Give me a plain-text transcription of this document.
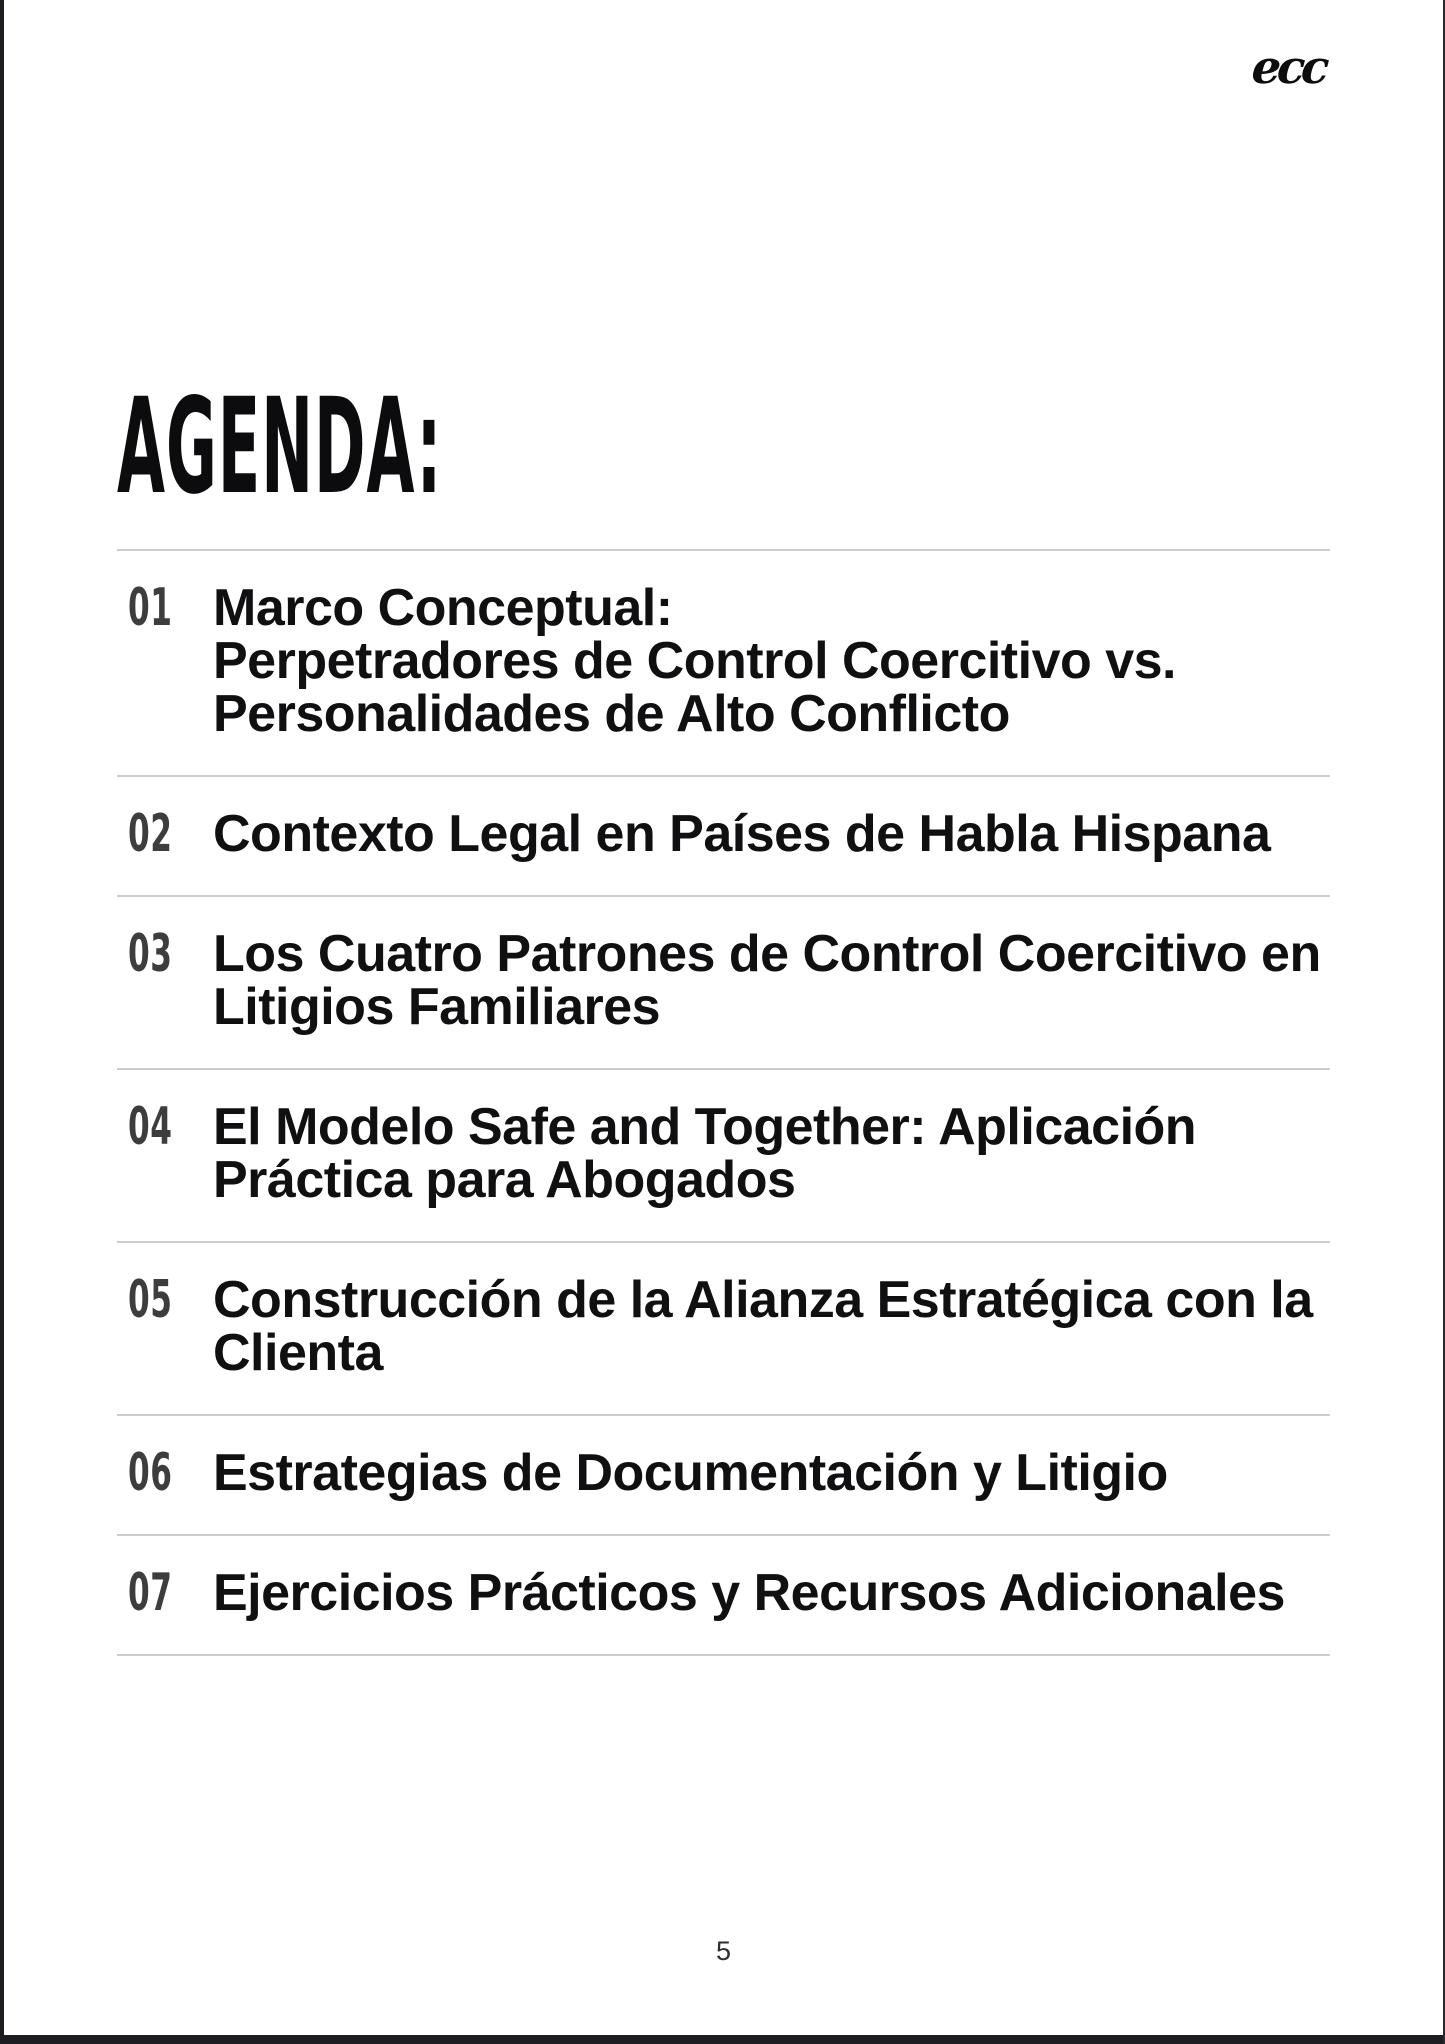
ecc
AGENDA:
01 Marco Conceptual:
Perpetradores de Control Coercitivo vs.
Personalidades de Alto Conflicto
02 Contexto Legal en Países de Habla Hispana
03 Los Cuatro Patrones de Control Coercitivo en
Litigios Familiares
04 El Modelo Safe and Together: Aplicación
Práctica para Abogados
05 Construcción de la Alianza Estratégica con la
Clienta
06 Estrategias de Documentación y Litigio
07 Ejercicios Prácticos y Recursos Adicionales
5
